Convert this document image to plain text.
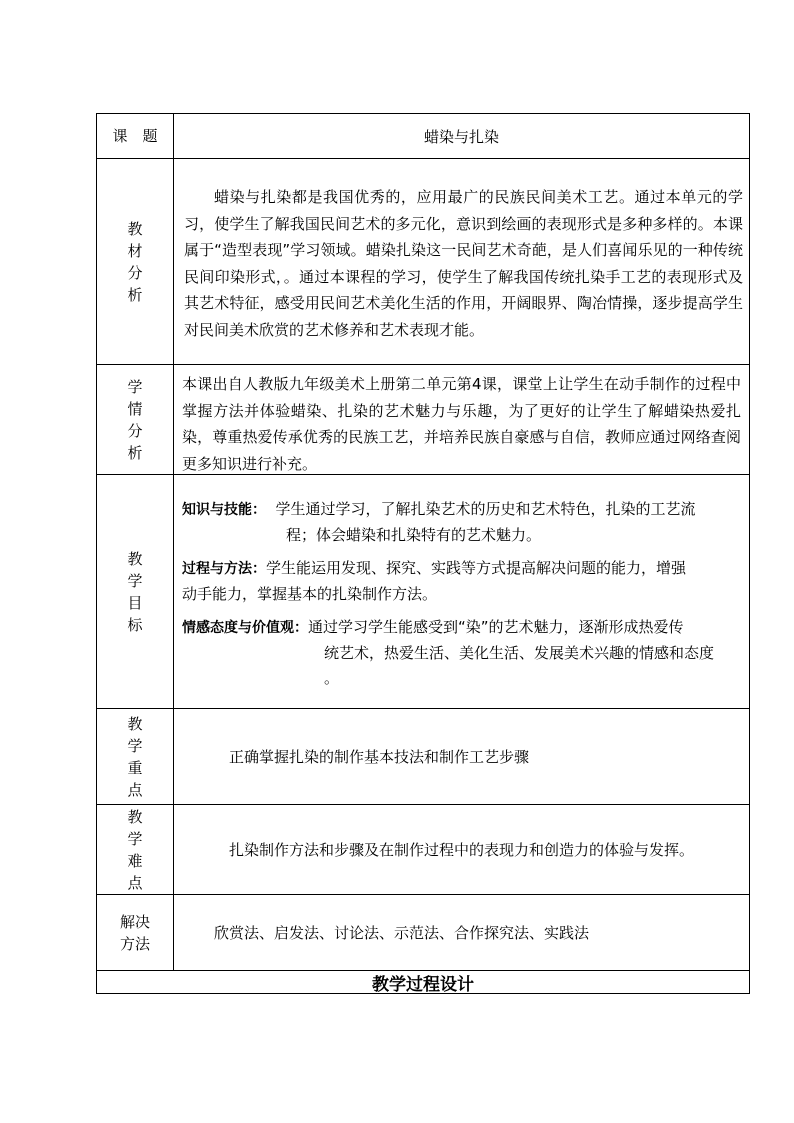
课　题	蜡染与扎染
教
材
分
析

蜡染与扎染都是我国优秀的，应用最广的民族民间美术工艺。通过本单元的学习，使学生了解我国民间艺术的多元化，意识到绘画的表现形式是多种多样的。本课属于“造型表现”学习领域。蜡染扎染这一民间艺术奇葩，是人们喜闻乐见的一种传统民间印染形式，。通过本课程的学习，使学生了解我国传统扎染手工艺的表现形式及其艺术特征，感受用民间艺术美化生活的作用，开阔眼界、陶冶情操，逐步提高学生对民间美术欣赏的艺术修养和艺术表现才能。

学
情
分
析

本课出自人教版九年级美术上册第二单元第4课，课堂上让学生在动手制作的过程中掌握方法并体验蜡染、扎染的艺术魅力与乐趣，为了更好的让学生了解蜡染热爱扎染，尊重热爱传承优秀的民族工艺，并培养民族自豪感与自信，教师应通过网络查阅更多知识进行补充。

教
学
目
标

知识与技能： 学生通过学习，了解扎染艺术的历史和艺术特色，扎染的工艺流
程；体会蜡染和扎染特有的艺术魅力。

过程与方法：学生能运用发现、探究、实践等方式提高解决问题的能力，增强
动手能力，掌握基本的扎染制作方法。

情感态度与价值观：通过学习学生能感受到“染”的艺术魅力，逐渐形成热爱传
统艺术，热爱生活、美化生活、发展美术兴趣的情感和态度
。

教
学
重
点
正确掌握扎染的制作基本技法和制作工艺步骤
教
学
难
点
扎染制作方法和步骤及在制作过程中的表现力和创造力的体验与发挥。
解决
方法
欣赏法、启发法、讨论法、示范法、合作探究法、实践法
教学过程设计
